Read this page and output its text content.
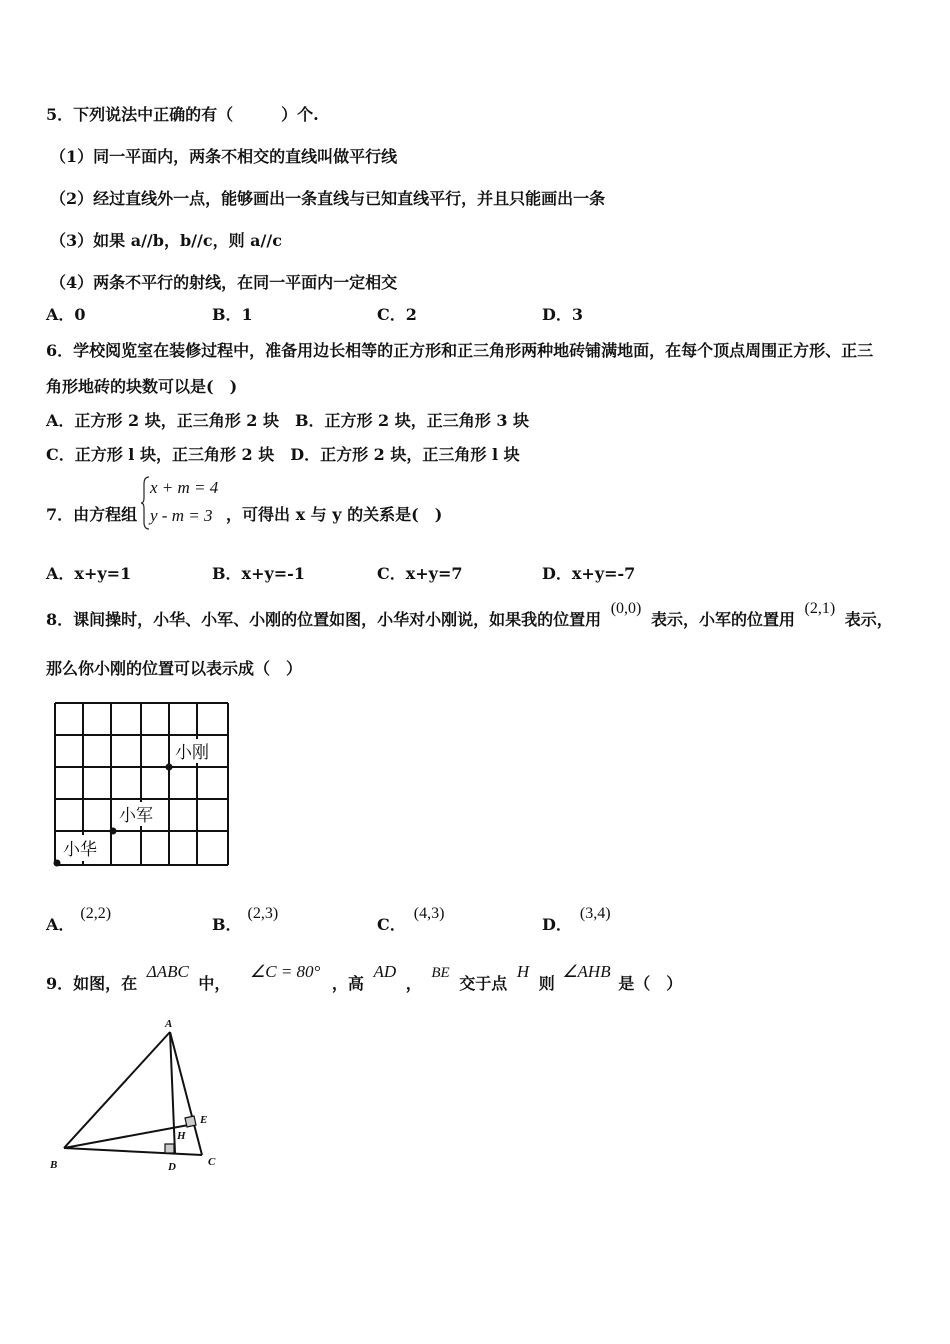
5．下列说法中正确的有（　　　）个.
（1）同一平面内，两条不相交的直线叫做平行线
（2）经过直线外一点，能够画出一条直线与已知直线平行，并且只能画出一条
（3）如果 a//b，b//c，则 a//c
（4）两条不平行的射线，在同一平面内一定相交
A．0	B．1	C．2	D．3
6．学校阅览室在装修过程中，准备用边长相等的正方形和正三角形两种地砖铺满地面，在每个顶点周围正方形、正三
角形地砖的块数可以是(　)
A．正方形 2 块，正三角形 2 块　B．正方形 2 块，正三角形 3 块
C．正方形 l 块，正三角形 2 块　D．正方形 2 块，正三角形 l 块
7．由方程组
x + m = 4
y - m = 3 ，可得出 x 与 y 的关系是(　)
A．x+y=1	B．x+y=-1	C．x+y=7	D．x+y=-7
8．课间操时，小华、小军、小刚的位置如图，小华对小刚说，如果我的位置用 (0,0) 表示，小军的位置用 (2,1) 表示，
那么你小刚的位置可以表示成（　）
小刚
小军
小华
A．(2,2)
B．(2,3)
C．(4,3)
D．(3,4)
9．如图，在 ΔABC 中， ∠C = 80° ，高 AD ， BE 交于点 H 则 ∠AHB 是（　）
A
B	C
D
E
H
